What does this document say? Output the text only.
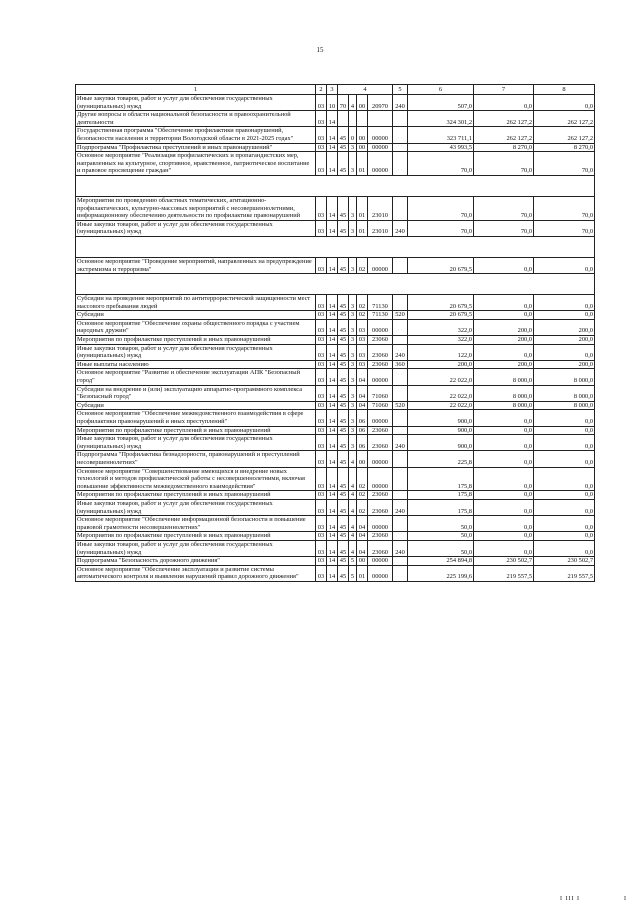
15
1	2	3	4				5	6	7	8
Иные закупки товаров, работ и услуг для обеспечения государственных (муниципальных) нужд	03	10	70	4	00	20970	240	507,0	0,0	0,0
Другие вопросы в области национальной безопасности и правоохранительной деятельности	03	14						324 301,2	262 127,2	262 127,2
Государственная программа "Обеспечение профилактики правонарушений, безопасности населения и территории Вологодской области в 2021-2025 годах"	03	14	45	0	00	00000		323 711,1	262 127,2	262 127,2
Подпрограмма "Профилактика преступлений и иных правонарушений"	03	14	45	3	00	00000		43 993,5	8 270,0	8 270,0
Основное мероприятие "Реализация профилактических и пропагандистских мер, направленных на культурное, спортивное, нравственное, патриотическое воспитание и правовое просвещение граждан"	03	14	45	3	01	00000		70,0	70,0	70,0

Мероприятия по проведению областных тематических, агитационно-профилактических, культурно-массовых мероприятий с несовершеннолетними, информационному обеспечению деятельности по профилактике правонарушений	03	14	45	3	01	23010		70,0	70,0	70,0
Иные закупки товаров, работ и услуг для обеспечения государственных (муниципальных) нужд	03	14	45	3	01	23010	240	70,0	70,0	70,0

Основное мероприятие "Проведение мероприятий, направленных на предупреждение экстремизма и терроризма"	03	14	45	3	02	00000		20 679,5	0,0	0,0

Субсидии на проведение мероприятий по антитеррористической защищенности мест массового пребывания людей	03	14	45	3	02	71130		20 679,5	0,0	0,0
Субсидии	03	14	45	3	02	71130	520	20 679,5	0,0	0,0
Основное мероприятие "Обеспечение охраны общественного порядка с участием народных дружин"	03	14	45	3	03	00000		322,0	200,0	200,0
Мероприятия по профилактике преступлений и иных правонарушений	03	14	45	3	03	23060		322,0	200,0	200,0
Иные закупки товаров, работ и услуг для обеспечения государственных (муниципальных) нужд	03	14	45	3	03	23060	240	122,0	0,0	0,0
Иные выплаты населению	03	14	45	3	03	23060	360	200,0	200,0	200,0
Основное мероприятие "Развитие и обеспечение эксплуатации АПК "Безопасный город"	03	14	45	3	04	00000		22 022,0	8 000,0	8 000,0
Субсидии на внедрение и (или) эксплуатацию аппаратно-программного комплекса "Безопасный город"	03	14	45	3	04	71060		22 022,0	8 000,0	8 000,0
Субсидии	03	14	45	3	04	71060	520	22 022,0	8 000,0	8 000,0
Основное мероприятие "Обеспечение межведомственного взаимодействия в сфере профилактики правонарушений и иных преступлений"	03	14	45	3	06	00000		900,0	0,0	0,0
Мероприятия по профилактике преступлений и иных правонарушений	03	14	45	3	06	23060		900,0	0,0	0,0
Иные закупки товаров, работ и услуг для обеспечения государственных (муниципальных) нужд	03	14	45	3	06	23060	240	900,0	0,0	0,0
Подпрограмма "Профилактика безнадзорности, правонарушений и преступлений несовершеннолетних"	03	14	45	4	00	00000		225,8	0,0	0,0
Основное мероприятие "Совершенствование имеющихся и внедрение новых технологий и методов профилактической работы с несовершеннолетними, включая повышение эффективности межведомственного взаимодействия"	03	14	45	4	02	00000		175,8	0,0	0,0
Мероприятия по профилактике преступлений и иных правонарушений	03	14	45	4	02	23060		175,8	0,0	0,0
Иные закупки товаров, работ и услуг для обеспечения государственных (муниципальных) нужд	03	14	45	4	02	23060	240	175,8	0,0	0,0
Основное мероприятие "Обеспечение информационной безопасности и повышение правовой грамотности несовершеннолетних"	03	14	45	4	04	00000		50,0	0,0	0,0
Мероприятия по профилактике преступлений и иных правонарушений	03	14	45	4	04	23060		50,0	0,0	0,0
Иные закупки товаров, работ и услуг для обеспечения государственных (муниципальных) нужд	03	14	45	4	04	23060	240	50,0	0,0	0,0
Подпрограмма "Безопасность дорожного движения"	03	14	45	5	00	00000		254 894,8	230 502,7	230 502,7
Основное мероприятие "Обеспечение эксплуатации и развитие системы автоматического контроля и выявления нарушений правил дорожного движения"	03	14	45	5	01	00000		225 199,6	219 557,5	219 557,5
I III I	I
